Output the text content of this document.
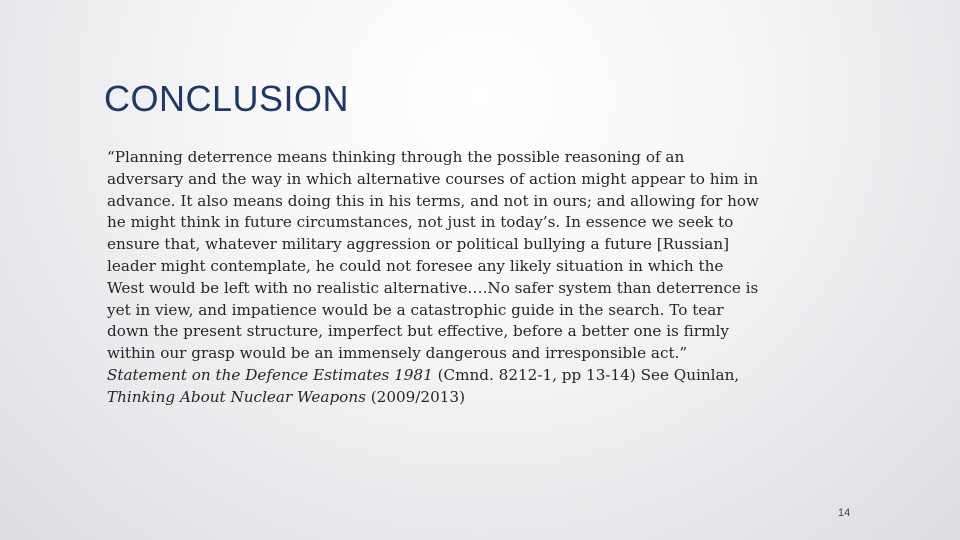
CONCLUSION
“Planning deterrence means thinking through the possible reasoning of an
adversary and the way in which alternative courses of action might appear to him in
advance. It also means doing this in his terms, and not in ours; and allowing for how
he might think in future circumstances, not just in today’s. In essence we seek to
ensure that, whatever military aggression or political bullying a future [Russian]
leader might contemplate, he could not foresee any likely situation in which the
West would be left with no realistic alternative….No safer system than deterrence is
yet in view, and impatience would be a catastrophic guide in the search. To tear
down the present structure, imperfect but effective, before a better one is firmly
within our grasp would be an immensely dangerous and irresponsible act.”
Statement on the Defence Estimates 1981 (Cmnd. 8212-1, pp 13-14) See Quinlan,
Thinking About Nuclear Weapons (2009/2013)
14
